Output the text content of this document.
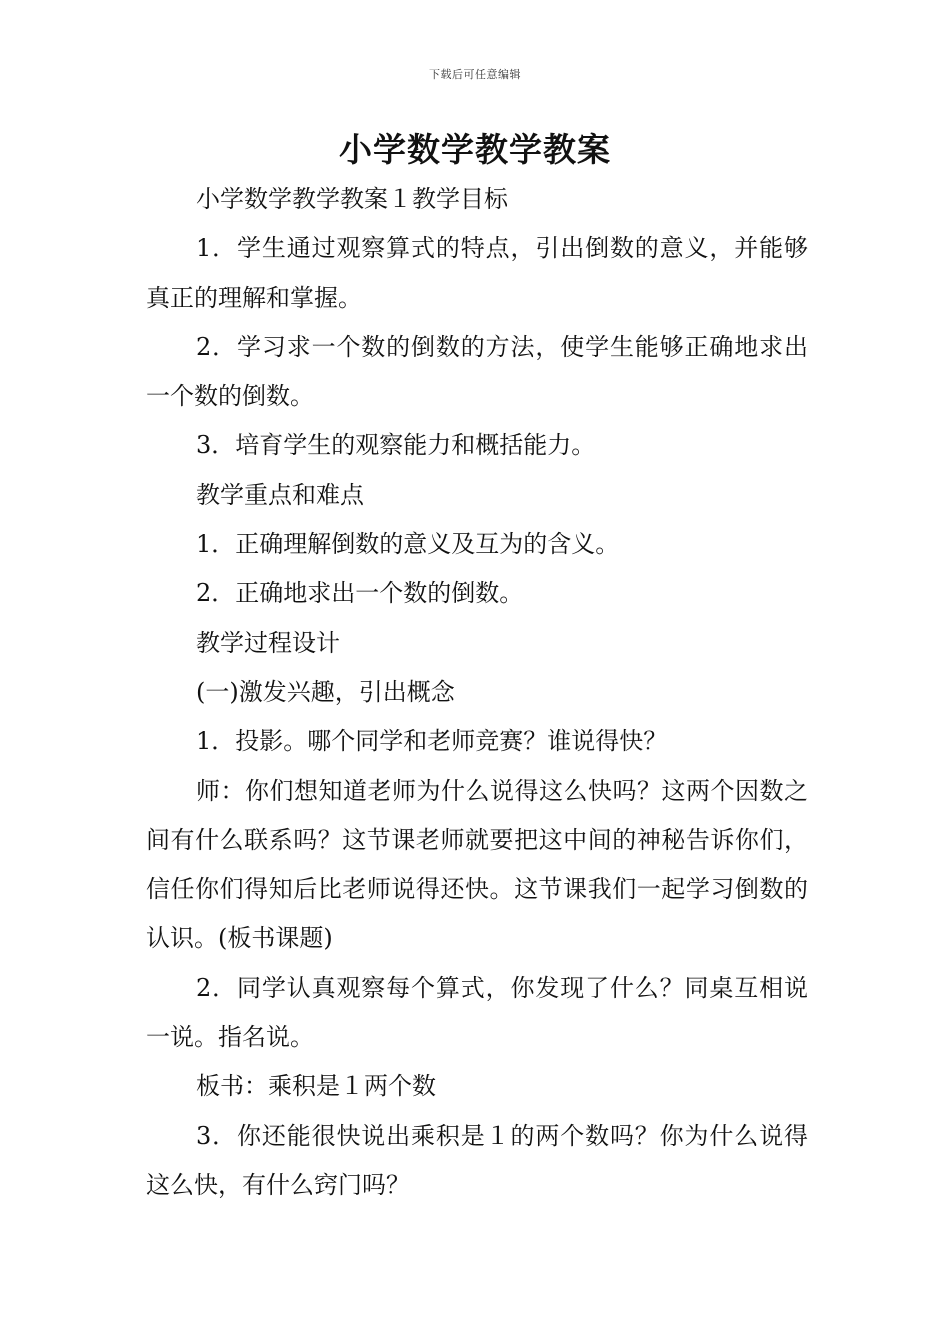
下载后可任意编辑
小学数学教学教案

小学数学教学教案１教学目标

1．学生通过观察算式的特点，引出倒数的意义，并能够真正的理解和掌握。

2．学习求一个数的倒数的方法，使学生能够正确地求出一个数的倒数。

3．培育学生的观察能力和概括能力。

教学重点和难点

1．正确理解倒数的意义及互为的含义。

2．正确地求出一个数的倒数。

教学过程设计

(一)激发兴趣，引出概念

1．投影。哪个同学和老师竞赛？谁说得快？

师：你们想知道老师为什么说得这么快吗？这两个因数之间有什么联系吗？这节课老师就要把这中间的神秘告诉你们，信任你们得知后比老师说得还快。这节课我们一起学习倒数的认识。(板书课题)

2．同学认真观察每个算式，你发现了什么？同桌互相说一说。指名说。

板书：乘积是１两个数

3．你还能很快说出乘积是１的两个数吗？你为什么说得这么快，有什么窍门吗？
